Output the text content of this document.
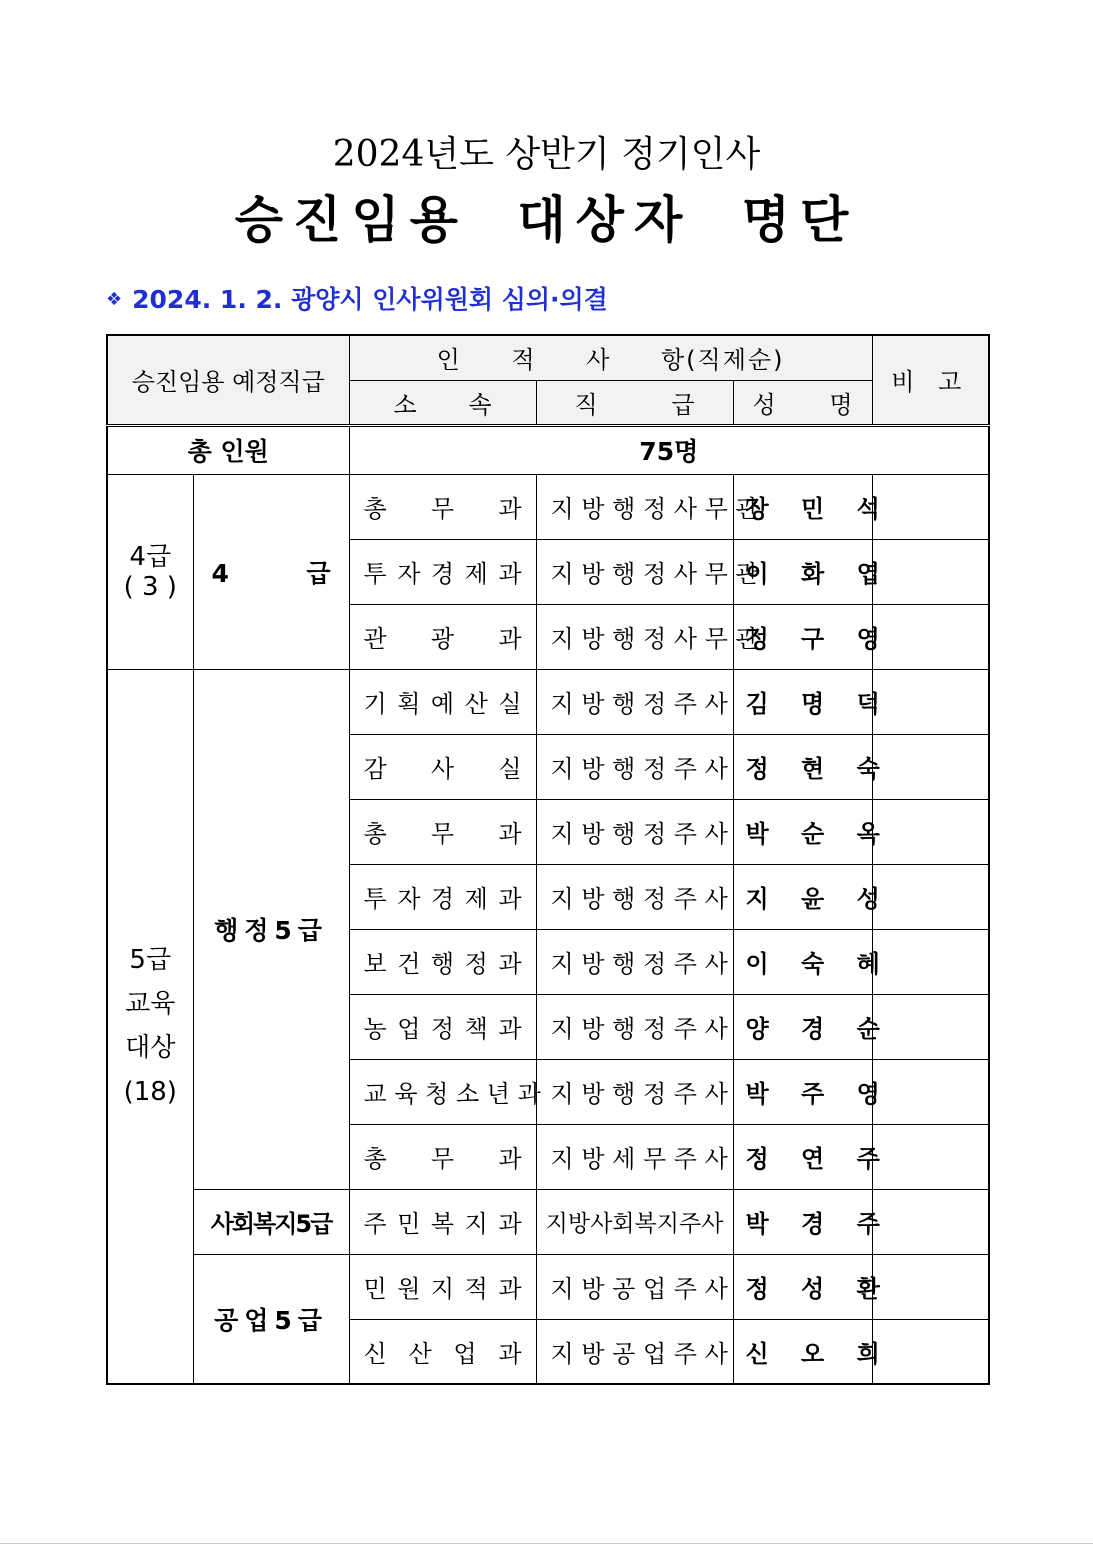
2024년도 상반기 정기인사
승진임용 대상자 명단
❖ 2024. 1. 2. 광양시 인사위원회 심의·의결
승진임용 예정직급		인 적 사 항(직제순)			비 고
		소 속	직 급	성 명	
총 인원		75명			

4급
( 3 )	4 급	총 무 과	지 방 행 정 사 무 관	장 민 석	
		투 자 경 제 과	지 방 행 정 사 무 관	이 화 엽	
		관 광 과	지 방 행 정 사 무 관	정 구 영	

5급
교육
대상
(18)	행정5급	기 획 예 산 실	지 방 행 정 주 사	김 명 덕	
		감 사 실	지 방 행 정 주 사	정 현 숙	
		총 무 과	지 방 행 정 주 사	박 순 옥	
		투 자 경 제 과	지 방 행 정 주 사	지 윤 성	
		보 건 행 정 과	지 방 행 정 주 사	이 숙 혜	
		농 업 정 책 과	지 방 행 정 주 사	양 경 순	
		교 육 청 소 년 과	지 방 행 정 주 사	박 주 영	
		총 무 과	지 방 세 무 주 사	정 연 주	
	사회복지5급	주 민 복 지 과	지방사회복지주사	박 경 주	
	공업5급	민 원 지 적 과	지 방 공 업 주 사	정 성 환	
		신 산 업 과	지 방 공 업 주 사	신 오 희	
